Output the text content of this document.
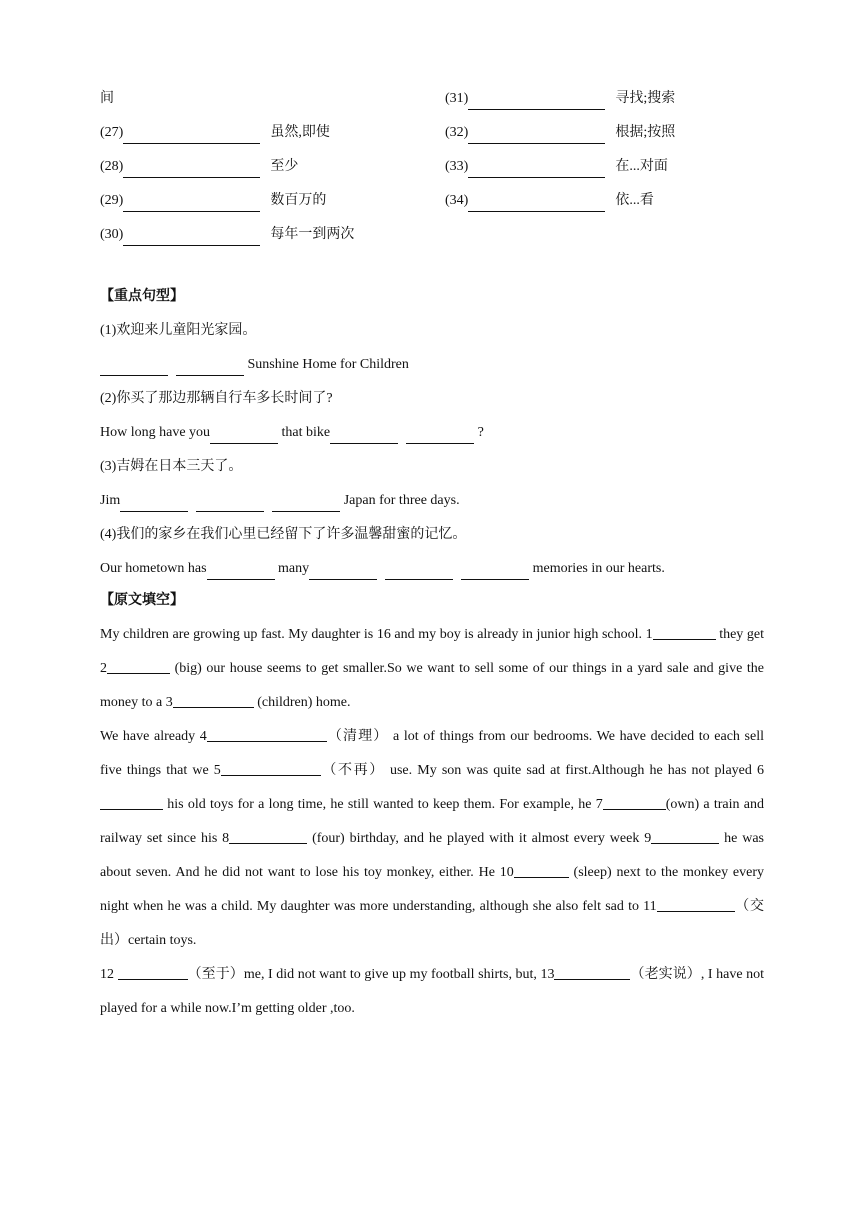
间	(31)	寻找;搜索
(27)	虽然,即使	(32)	根据;按照
(28)	至少	(33)	在...对面
(29)	数百万的	(34)	依...看
(30)	每年一到两次
【重点句型】
(1)欢迎来儿童阳光家园。
Sunshine Home for Children
(2)你买了那边那辆自行车多长时间了?
How long have you	that bike	?
(3)吉姆在日本三天了。
Jim	Japan for three days.
(4)我们的家乡在我们心里已经留下了许多温馨甜蜜的记忆。
Our hometown has	many	memories in our hearts.
【原文填空】
My children are growing up fast. My daughter is 16 and my boy is already in junior high school. 1	they get 2	(big) our house seems to get smaller.So we want to sell some of our things in a yard sale and give the money to a 3	(children) home.
We have already 4	（清理） a lot of things from our bedrooms. We have decided to each sell five things that we 5	（不再） use. My son was quite sad at first.Although he has not played 6 his old toys for a long time, he still wanted to keep them. For example, he 7	(own) a train and railway set since his 8	(four) birthday, and he played with it almost every week 9	he was about seven. And he did not want to lose his toy monkey, either. He 10	(sleep) next to the monkey every night when he was a child. My daughter was more understanding, although she also felt sad to 11	（交出）certain toys.
12	（至于）me, I did not want to give up my football shirts, but, 13	（老实说）, I have not played for a while now.I’m getting older ,too.
